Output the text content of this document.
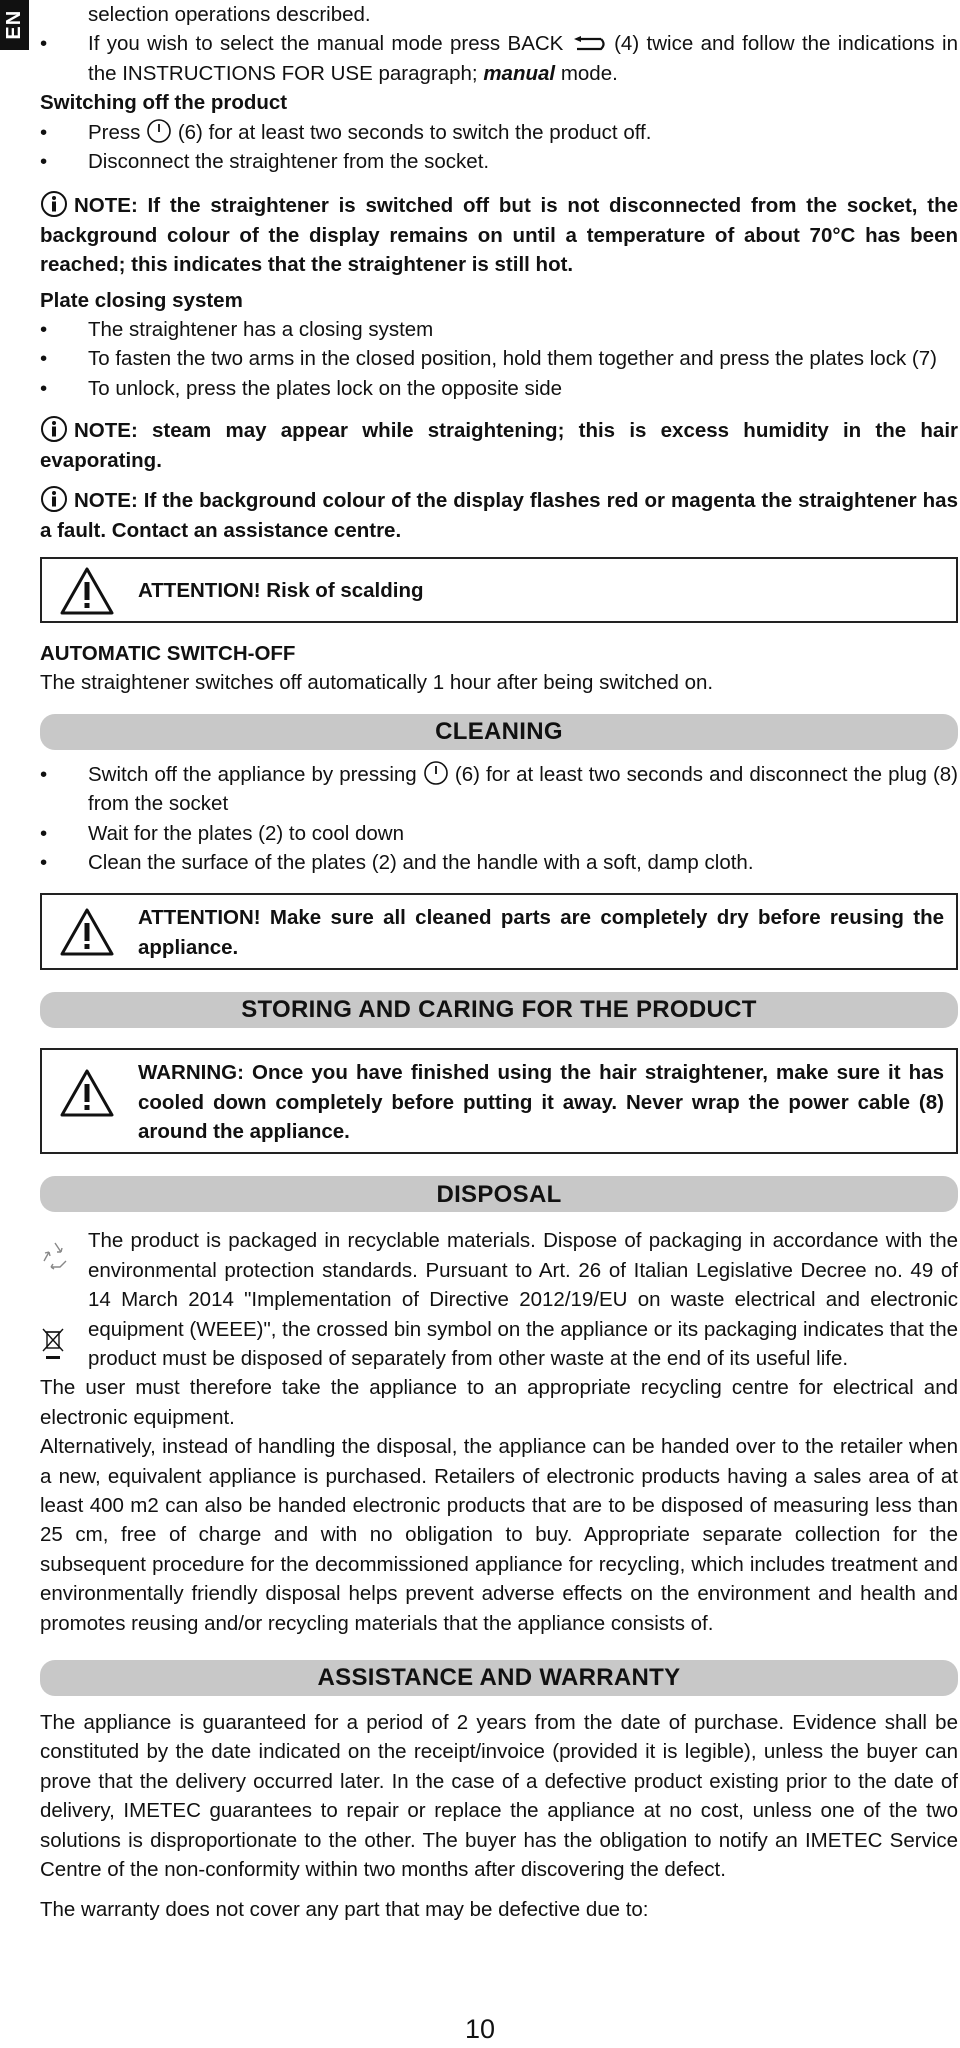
EN	selection operations described.

• If you wish to select the manual mode press BACK (4) twice and follow the indications in the INSTRUCTIONS FOR USE paragraph; manual mode.

Switching off the product

• Press (6) for at least two seconds to switch the product off.
• Disconnect the straightener from the socket.

NOTE: If the straightener is switched off but is not disconnected from the socket, the background colour of the display remains on until a temperature of about 70°C has been reached; this indicates that the straightener is still hot.

Plate closing system

• The straightener has a closing system
• To fasten the two arms in the closed position, hold them together and press the plates lock (7)
• To unlock, press the plates lock on the opposite side

NOTE: steam may appear while straightening; this is excess humidity in the hair evaporating.

NOTE: If the background colour of the display flashes red or magenta the straightener has a fault. Contact an assistance centre.

ATTENTION! Risk of scalding

AUTOMATIC SWITCH-OFF

The straightener switches off automatically 1 hour after being switched on.

CLEANING
• Switch off the appliance by pressing (6) for at least two seconds and disconnect the plug (8) from the socket
• Wait for the plates (2) to cool down
• Clean the surface of the plates (2) and the handle with a soft, damp cloth.
ATTENTION! Make sure all cleaned parts are completely dry before reusing the appliance.
STORING AND CARING FOR THE PRODUCT
WARNING: Once you have finished using the hair straightener, make sure it has cooled down completely before putting it away. Never wrap the power cable (8) around the appliance.
DISPOSAL

The product is packaged in recyclable materials. Dispose of packaging in accordance with the environmental protection standards. Pursuant to Art. 26 of Italian Legislative Decree no. 49 of 14 March 2014 "Implementation of Directive 2012/19/EU on waste electrical and electronic equipment (WEEE)", the crossed bin symbol on the appliance or its packaging indicates that the product must be disposed of separately from other waste at the end of its useful life.

The user must therefore take the appliance to an appropriate recycling centre for electrical and electronic equipment.

Alternatively, instead of handling the disposal, the appliance can be handed over to the retailer when a new, equivalent appliance is purchased. Retailers of electronic products having a sales area of at least 400 m2 can also be handed electronic products that are to be disposed of measuring less than 25 cm, free of charge and with no obligation to buy. Appropriate separate collection for the subsequent procedure for the decommissioned appliance for recycling, which includes treatment and environmentally friendly disposal helps prevent adverse effects on the environment and health and promotes reusing and/or recycling materials that the appliance consists of.

ASSISTANCE AND WARRANTY

The appliance is guaranteed for a period of 2 years from the date of purchase. Evidence shall be constituted by the date indicated on the receipt/invoice (provided it is legible), unless the buyer can prove that the delivery occurred later. In the case of a defective product existing prior to the date of delivery, IMETEC guarantees to repair or replace the appliance at no cost, unless one of the two solutions is disproportionate to the other. The buyer has the obligation to notify an IMETEC Service Centre of the non-conformity within two months after discovering the defect.

The warranty does not cover any part that may be defective due to:

10
